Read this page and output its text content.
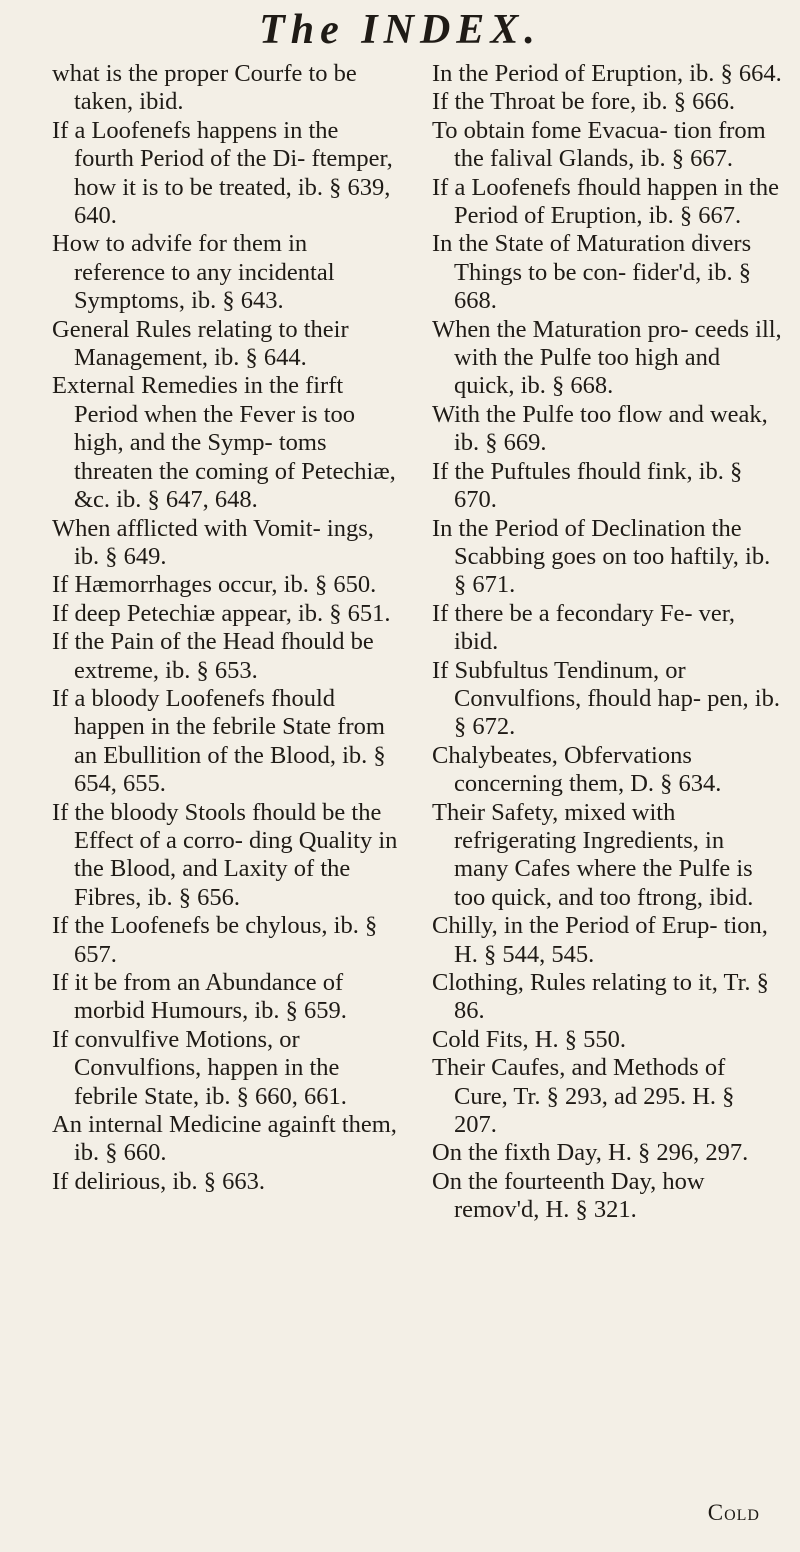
The INDEX.

what is the proper Courfe to be taken, ibid.

If a Loofenefs happens in the fourth Period of the Di- ftemper, how it is to be treated, ib. § 639, 640.

How to advife for them in reference to any incidental Symptoms, ib. § 643.

General Rules relating to their Management, ib. § 644.

External Remedies in the firft Period when the Fever is too high, and the Symp- toms threaten the coming of Petechiæ, &c. ib. § 647, 648.

When afflicted with Vomit- ings, ib. § 649.

If Hæmorrhages occur, ib. § 650.

If deep Petechiæ appear, ib. § 651.

If the Pain of the Head fhould be extreme, ib. § 653.

If a bloody Loofenefs fhould happen in the febrile State from an Ebullition of the Blood, ib. § 654, 655.

If the bloody Stools fhould be the Effect of a corro- ding Quality in the Blood, and Laxity of the Fibres, ib. § 656.

If the Loofenefs be chylous, ib. § 657.

If it be from an Abundance of morbid Humours, ib. § 659.

If convulfive Motions, or Convulfions, happen in the febrile State, ib. § 660, 661.

An internal Medicine againft them, ib. § 660.

If delirious, ib. § 663.

In the Period of Eruption, ib. § 664.

If the Throat be fore, ib. § 666.

To obtain fome Evacua- tion from the falival Glands, ib. § 667.

If a Loofenefs fhould happen in the Period of Eruption, ib. § 667.

In the State of Maturation divers Things to be con- fider'd, ib. § 668.

When the Maturation pro- ceeds ill, with the Pulfe too high and quick, ib. § 668.

With the Pulfe too flow and weak, ib. § 669.

If the Puftules fhould fink, ib. § 670.

In the Period of Declination the Scabbing goes on too haftily, ib. § 671.

If there be a fecondary Fe- ver, ibid.

If Subfultus Tendinum, or Convulfions, fhould hap- pen, ib. § 672.

Chalybeates, Obfervations concerning them, D. § 634.

Their Safety, mixed with refrigerating Ingredients, in many Cafes where the Pulfe is too quick, and too ftrong, ibid.

Chilly, in the Period of Erup- tion, H. § 544, 545.

Clothing, Rules relating to it, Tr. § 86.

Cold Fits, H. § 550.

Their Caufes, and Methods of Cure, Tr. § 293, ad 295. H. § 207.

On the fixth Day, H. § 296, 297.

On the fourteenth Day, how remov'd, H. § 321.

Cold
